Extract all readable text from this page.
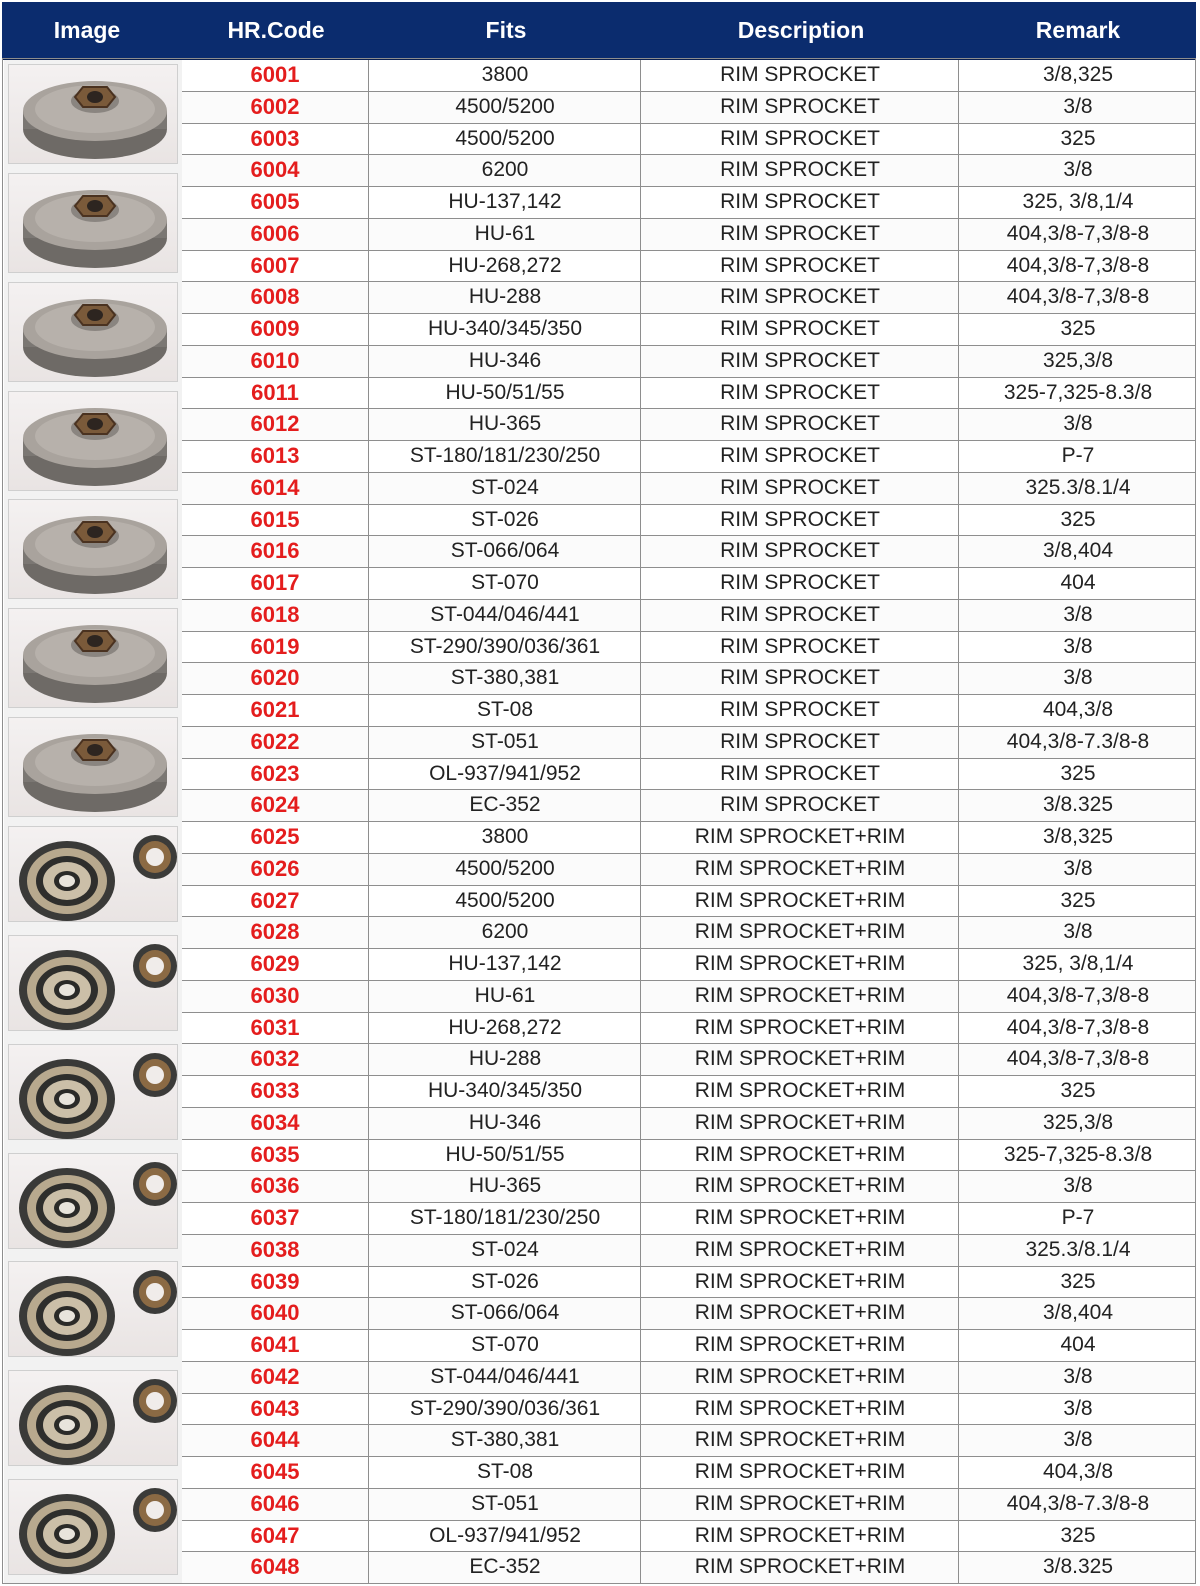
Image	HR.Code	Fits	Description	Remark
6001	3800	RIM SPROCKET	3/8,325
6002	4500/5200	RIM SPROCKET	3/8
6003	4500/5200	RIM SPROCKET	325
6004	6200	RIM SPROCKET	3/8
6005	HU-137,142	RIM SPROCKET	325, 3/8,1/4
6006	HU-61	RIM SPROCKET	404,3/8-7,3/8-8
6007	HU-268,272	RIM SPROCKET	404,3/8-7,3/8-8
6008	HU-288	RIM SPROCKET	404,3/8-7,3/8-8
6009	HU-340/345/350	RIM SPROCKET	325
6010	HU-346	RIM SPROCKET	325,3/8
6011	HU-50/51/55	RIM SPROCKET	325-7,325-8.3/8
6012	HU-365	RIM SPROCKET	3/8
6013	ST-180/181/230/250	RIM SPROCKET	P-7
6014	ST-024	RIM SPROCKET	325.3/8.1/4
6015	ST-026	RIM SPROCKET	325
6016	ST-066/064	RIM SPROCKET	3/8,404
6017	ST-070	RIM SPROCKET	404
6018	ST-044/046/441	RIM SPROCKET	3/8
6019	ST-290/390/036/361	RIM SPROCKET	3/8
6020	ST-380,381	RIM SPROCKET	3/8
6021	ST-08	RIM SPROCKET	404,3/8
6022	ST-051	RIM SPROCKET	404,3/8-7.3/8-8
6023	OL-937/941/952	RIM SPROCKET	325
6024	EC-352	RIM SPROCKET	3/8.325
6025	3800	RIM SPROCKET+RIM	3/8,325
6026	4500/5200	RIM SPROCKET+RIM	3/8
6027	4500/5200	RIM SPROCKET+RIM	325
6028	6200	RIM SPROCKET+RIM	3/8
6029	HU-137,142	RIM SPROCKET+RIM	325, 3/8,1/4
6030	HU-61	RIM SPROCKET+RIM	404,3/8-7,3/8-8
6031	HU-268,272	RIM SPROCKET+RIM	404,3/8-7,3/8-8
6032	HU-288	RIM SPROCKET+RIM	404,3/8-7,3/8-8
6033	HU-340/345/350	RIM SPROCKET+RIM	325
6034	HU-346	RIM SPROCKET+RIM	325,3/8
6035	HU-50/51/55	RIM SPROCKET+RIM	325-7,325-8.3/8
6036	HU-365	RIM SPROCKET+RIM	3/8
6037	ST-180/181/230/250	RIM SPROCKET+RIM	P-7
6038	ST-024	RIM SPROCKET+RIM	325.3/8.1/4
6039	ST-026	RIM SPROCKET+RIM	325
6040	ST-066/064	RIM SPROCKET+RIM	3/8,404
6041	ST-070	RIM SPROCKET+RIM	404
6042	ST-044/046/441	RIM SPROCKET+RIM	3/8
6043	ST-290/390/036/361	RIM SPROCKET+RIM	3/8
6044	ST-380,381	RIM SPROCKET+RIM	3/8
6045	ST-08	RIM SPROCKET+RIM	404,3/8
6046	ST-051	RIM SPROCKET+RIM	404,3/8-7.3/8-8
6047	OL-937/941/952	RIM SPROCKET+RIM	325
6048	EC-352	RIM SPROCKET+RIM	3/8.325
